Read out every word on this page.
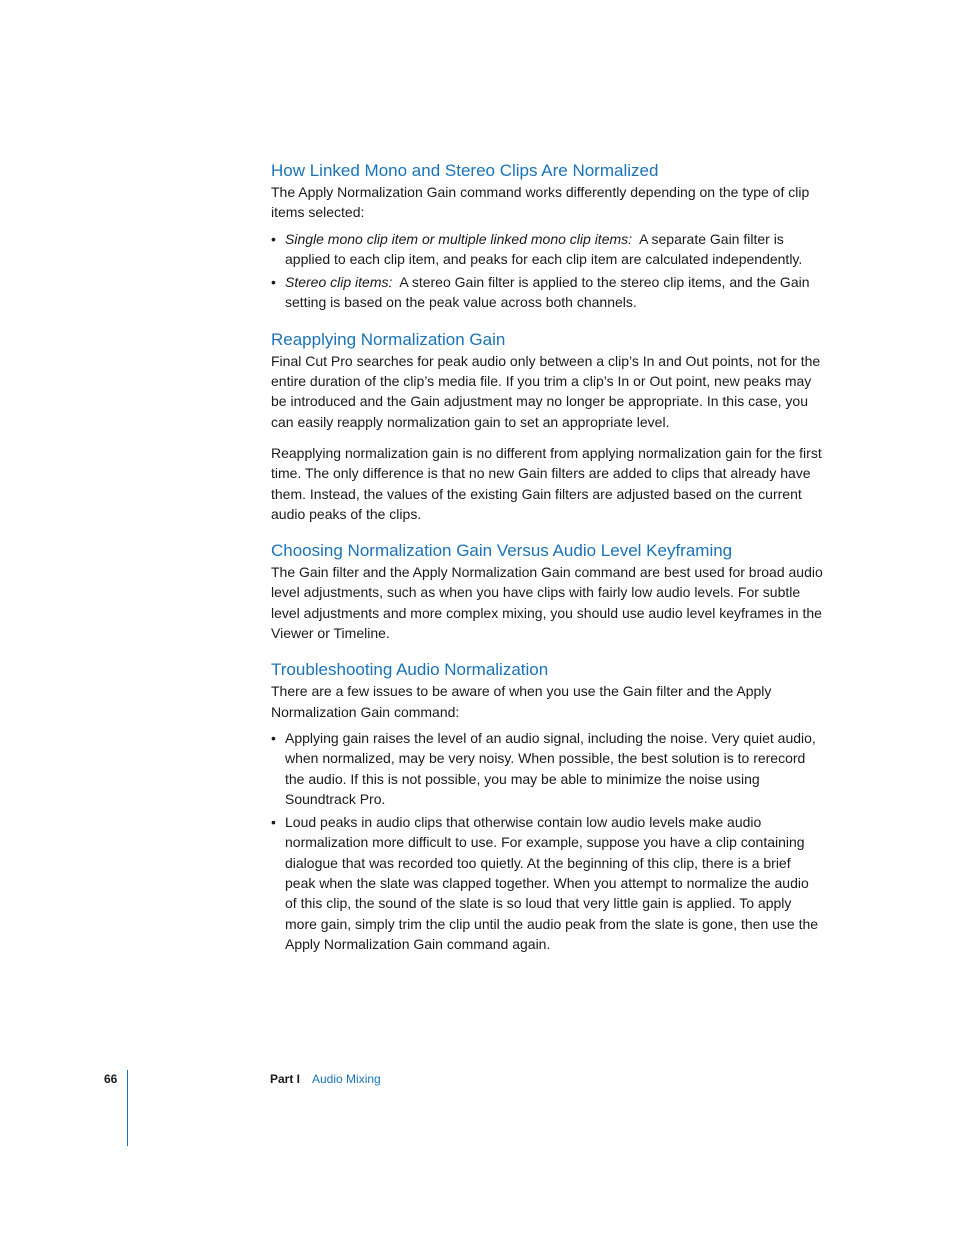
How Linked Mono and Stereo Clips Are Normalized

The Apply Normalization Gain command works differently depending on the type of clip items selected:

• Single mono clip item or multiple linked mono clip items: A separate Gain filter is applied to each clip item, and peaks for each clip item are calculated independently.
• Stereo clip items: A stereo Gain filter is applied to the stereo clip items, and the Gain setting is based on the peak value across both channels.
Reapplying Normalization Gain

Final Cut Pro searches for peak audio only between a clip’s In and Out points, not for the entire duration of the clip’s media file. If you trim a clip’s In or Out point, new peaks may be introduced and the Gain adjustment may no longer be appropriate. In this case, you can easily reapply normalization gain to set an appropriate level.

Reapplying normalization gain is no different from applying normalization gain for the first time. The only difference is that no new Gain filters are added to clips that already have them. Instead, the values of the existing Gain filters are adjusted based on the current audio peaks of the clips.

Choosing Normalization Gain Versus Audio Level Keyframing

The Gain filter and the Apply Normalization Gain command are best used for broad audio level adjustments, such as when you have clips with fairly low audio levels. For subtle level adjustments and more complex mixing, you should use audio level keyframes in the Viewer or Timeline.

Troubleshooting Audio Normalization

There are a few issues to be aware of when you use the Gain filter and the Apply Normalization Gain command:

• Applying gain raises the level of an audio signal, including the noise. Very quiet audio, when normalized, may be very noisy. When possible, the best solution is to rerecord the audio. If this is not possible, you may be able to minimize the noise using Soundtrack Pro.
• Loud peaks in audio clips that otherwise contain low audio levels make audio normalization more difficult to use. For example, suppose you have a clip containing dialogue that was recorded too quietly. At the beginning of this clip, there is a brief peak when the slate was clapped together. When you attempt to normalize the audio of this clip, the sound of the slate is so loud that very little gain is applied. To apply more gain, simply trim the clip until the audio peak from the slate is gone, then use the Apply Normalization Gain command again.
66	Part I Audio Mixing
